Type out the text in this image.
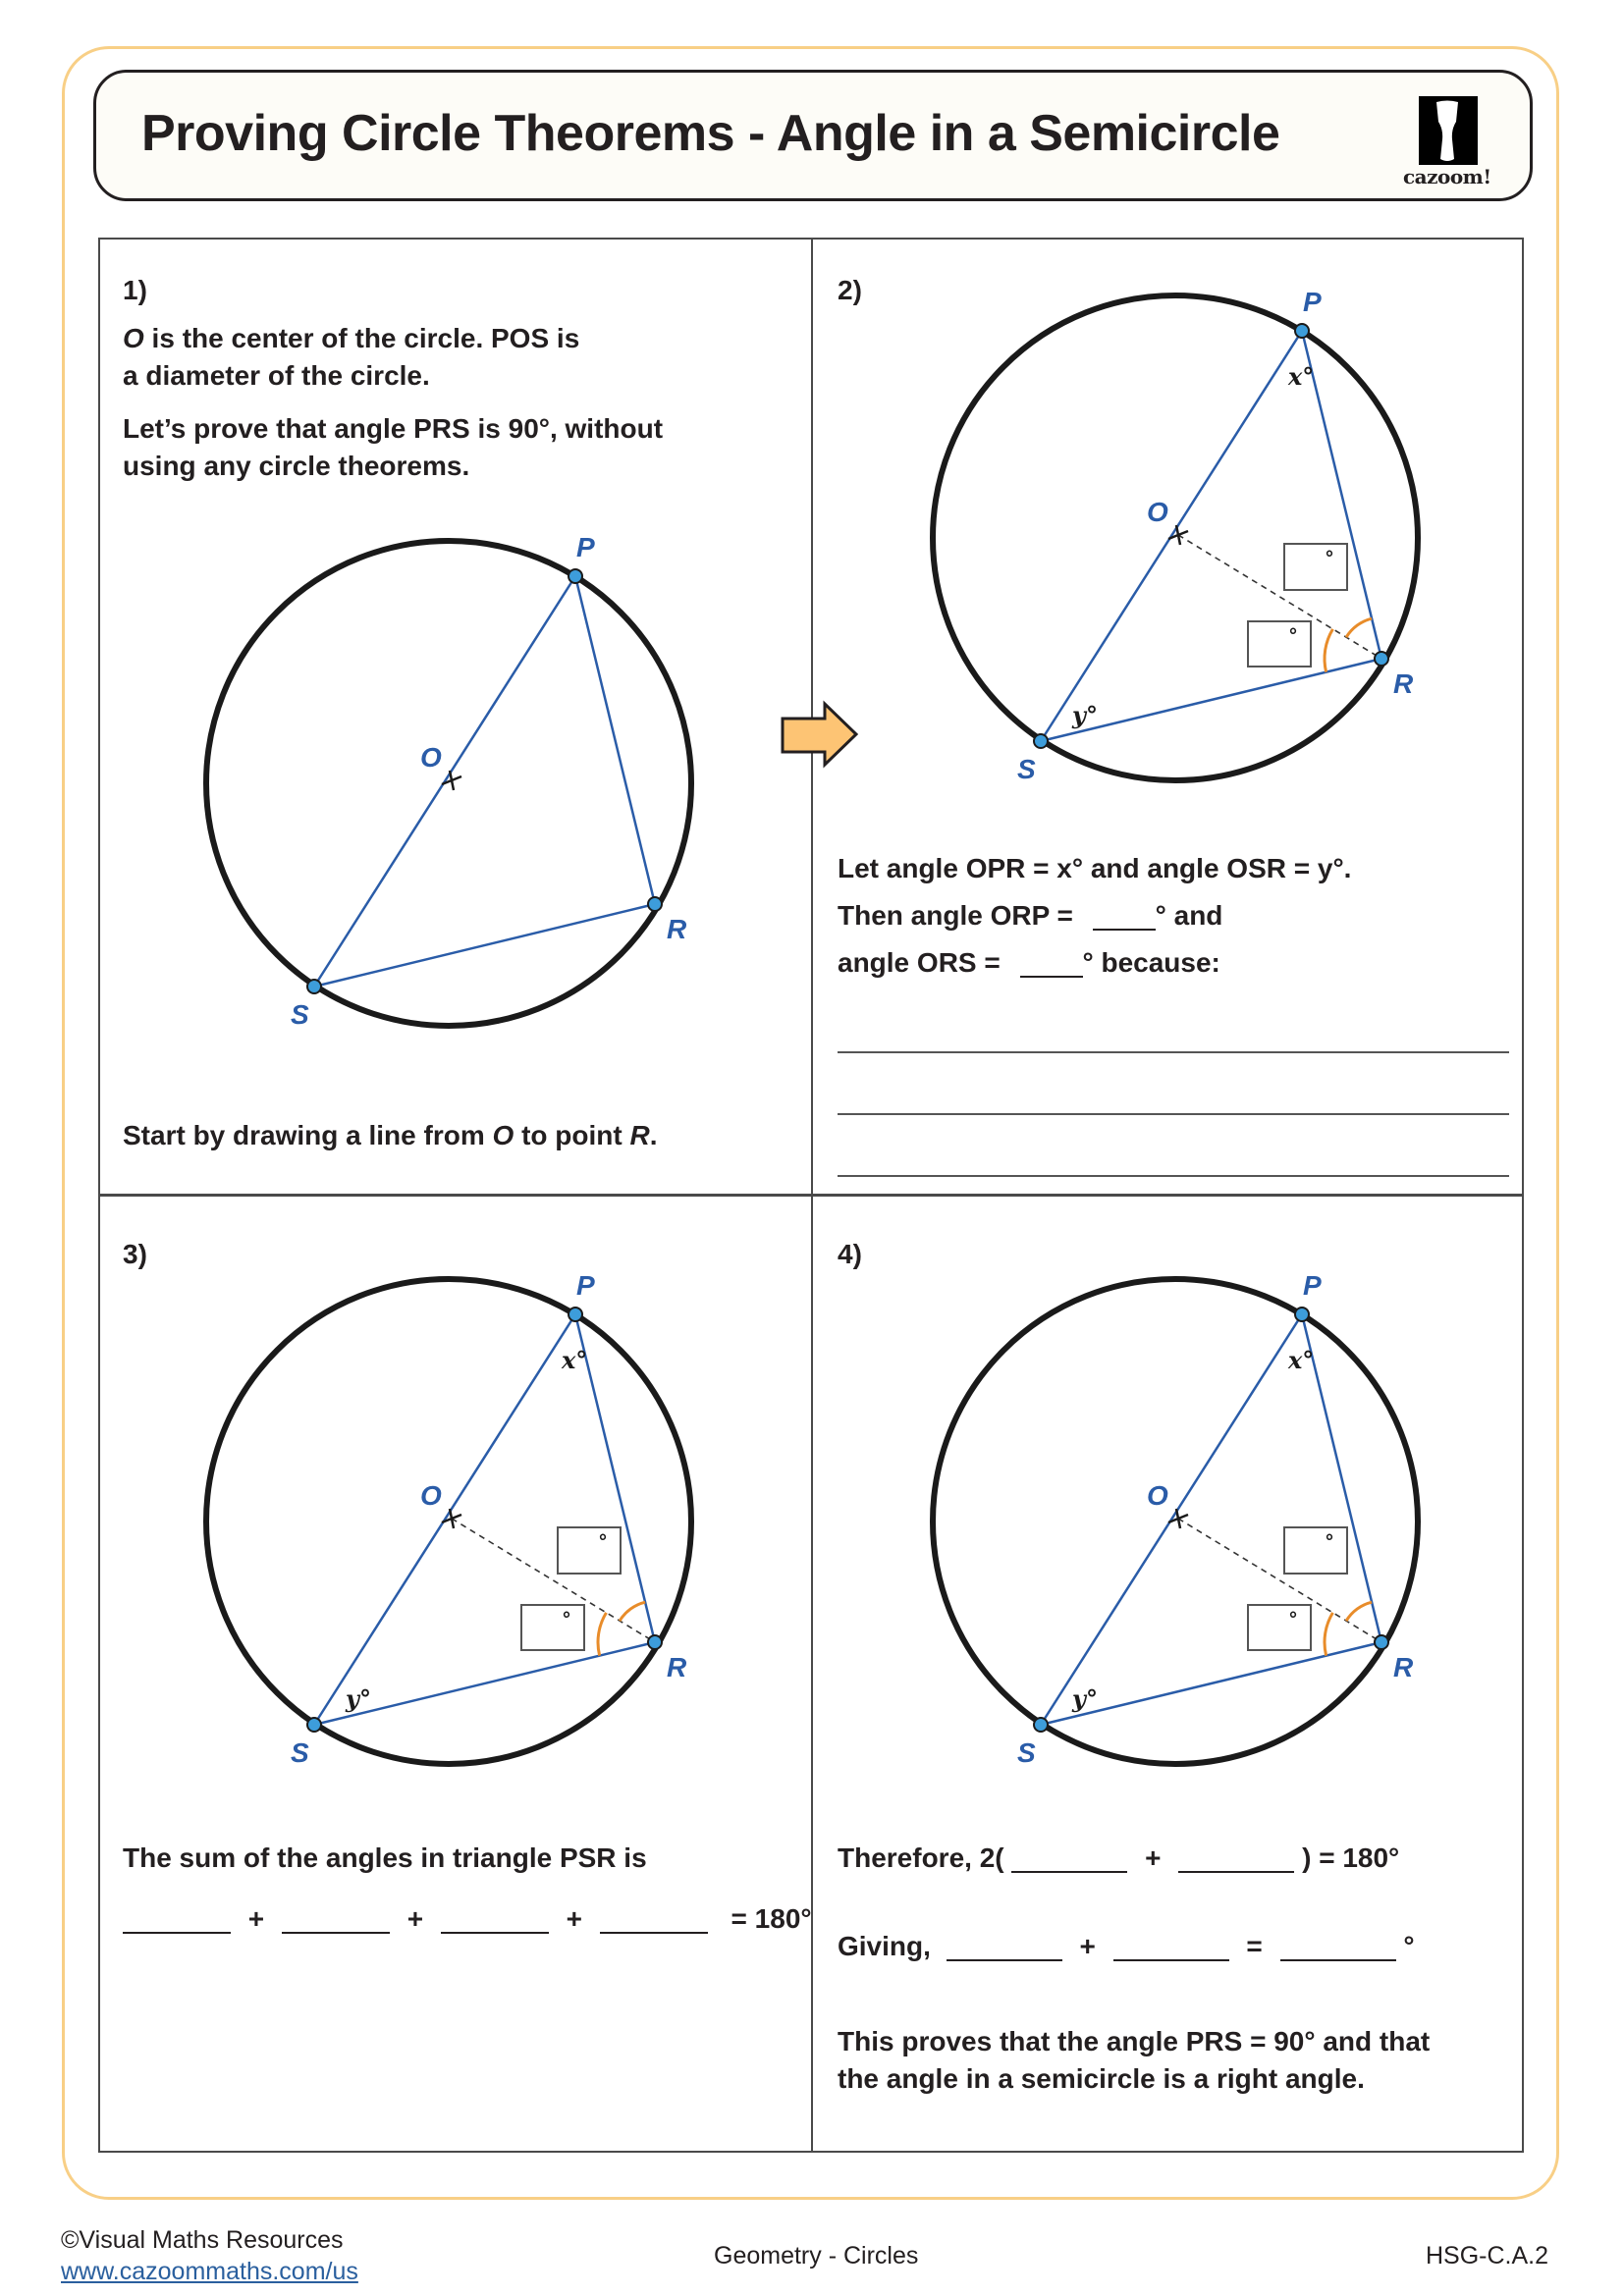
Proving Circle Theorems - Angle in a Semicircle
cazoom!
1)
O is the center of the circle. POS is
a diameter of the circle.
Let’s prove that angle PRS is 90°, without
using any circle theorems.
Start by drawing a line from O to point R.
2)
Let angle OPR = x° and angle OSR = y°.
Then angle ORP =	° and
angle ORS =	° because:
3)
The sum of the angles in triangle PSR is
+	+	+	= 180°
4)
Therefore, 2(	+	) = 180°
Giving,	+	=	°
This proves that the angle PRS = 90° and that
the angle in a semicircle is a right angle.
P
O
R
S
°
°
x°
y°
P
O
R
S
°
°
x°
y°
P
O
R
S
°
°
x°
y°
P
O
R
S
©Visual Maths Resources
www.cazoommaths.com/us
Geometry - Circles	HSG-C.A.2
